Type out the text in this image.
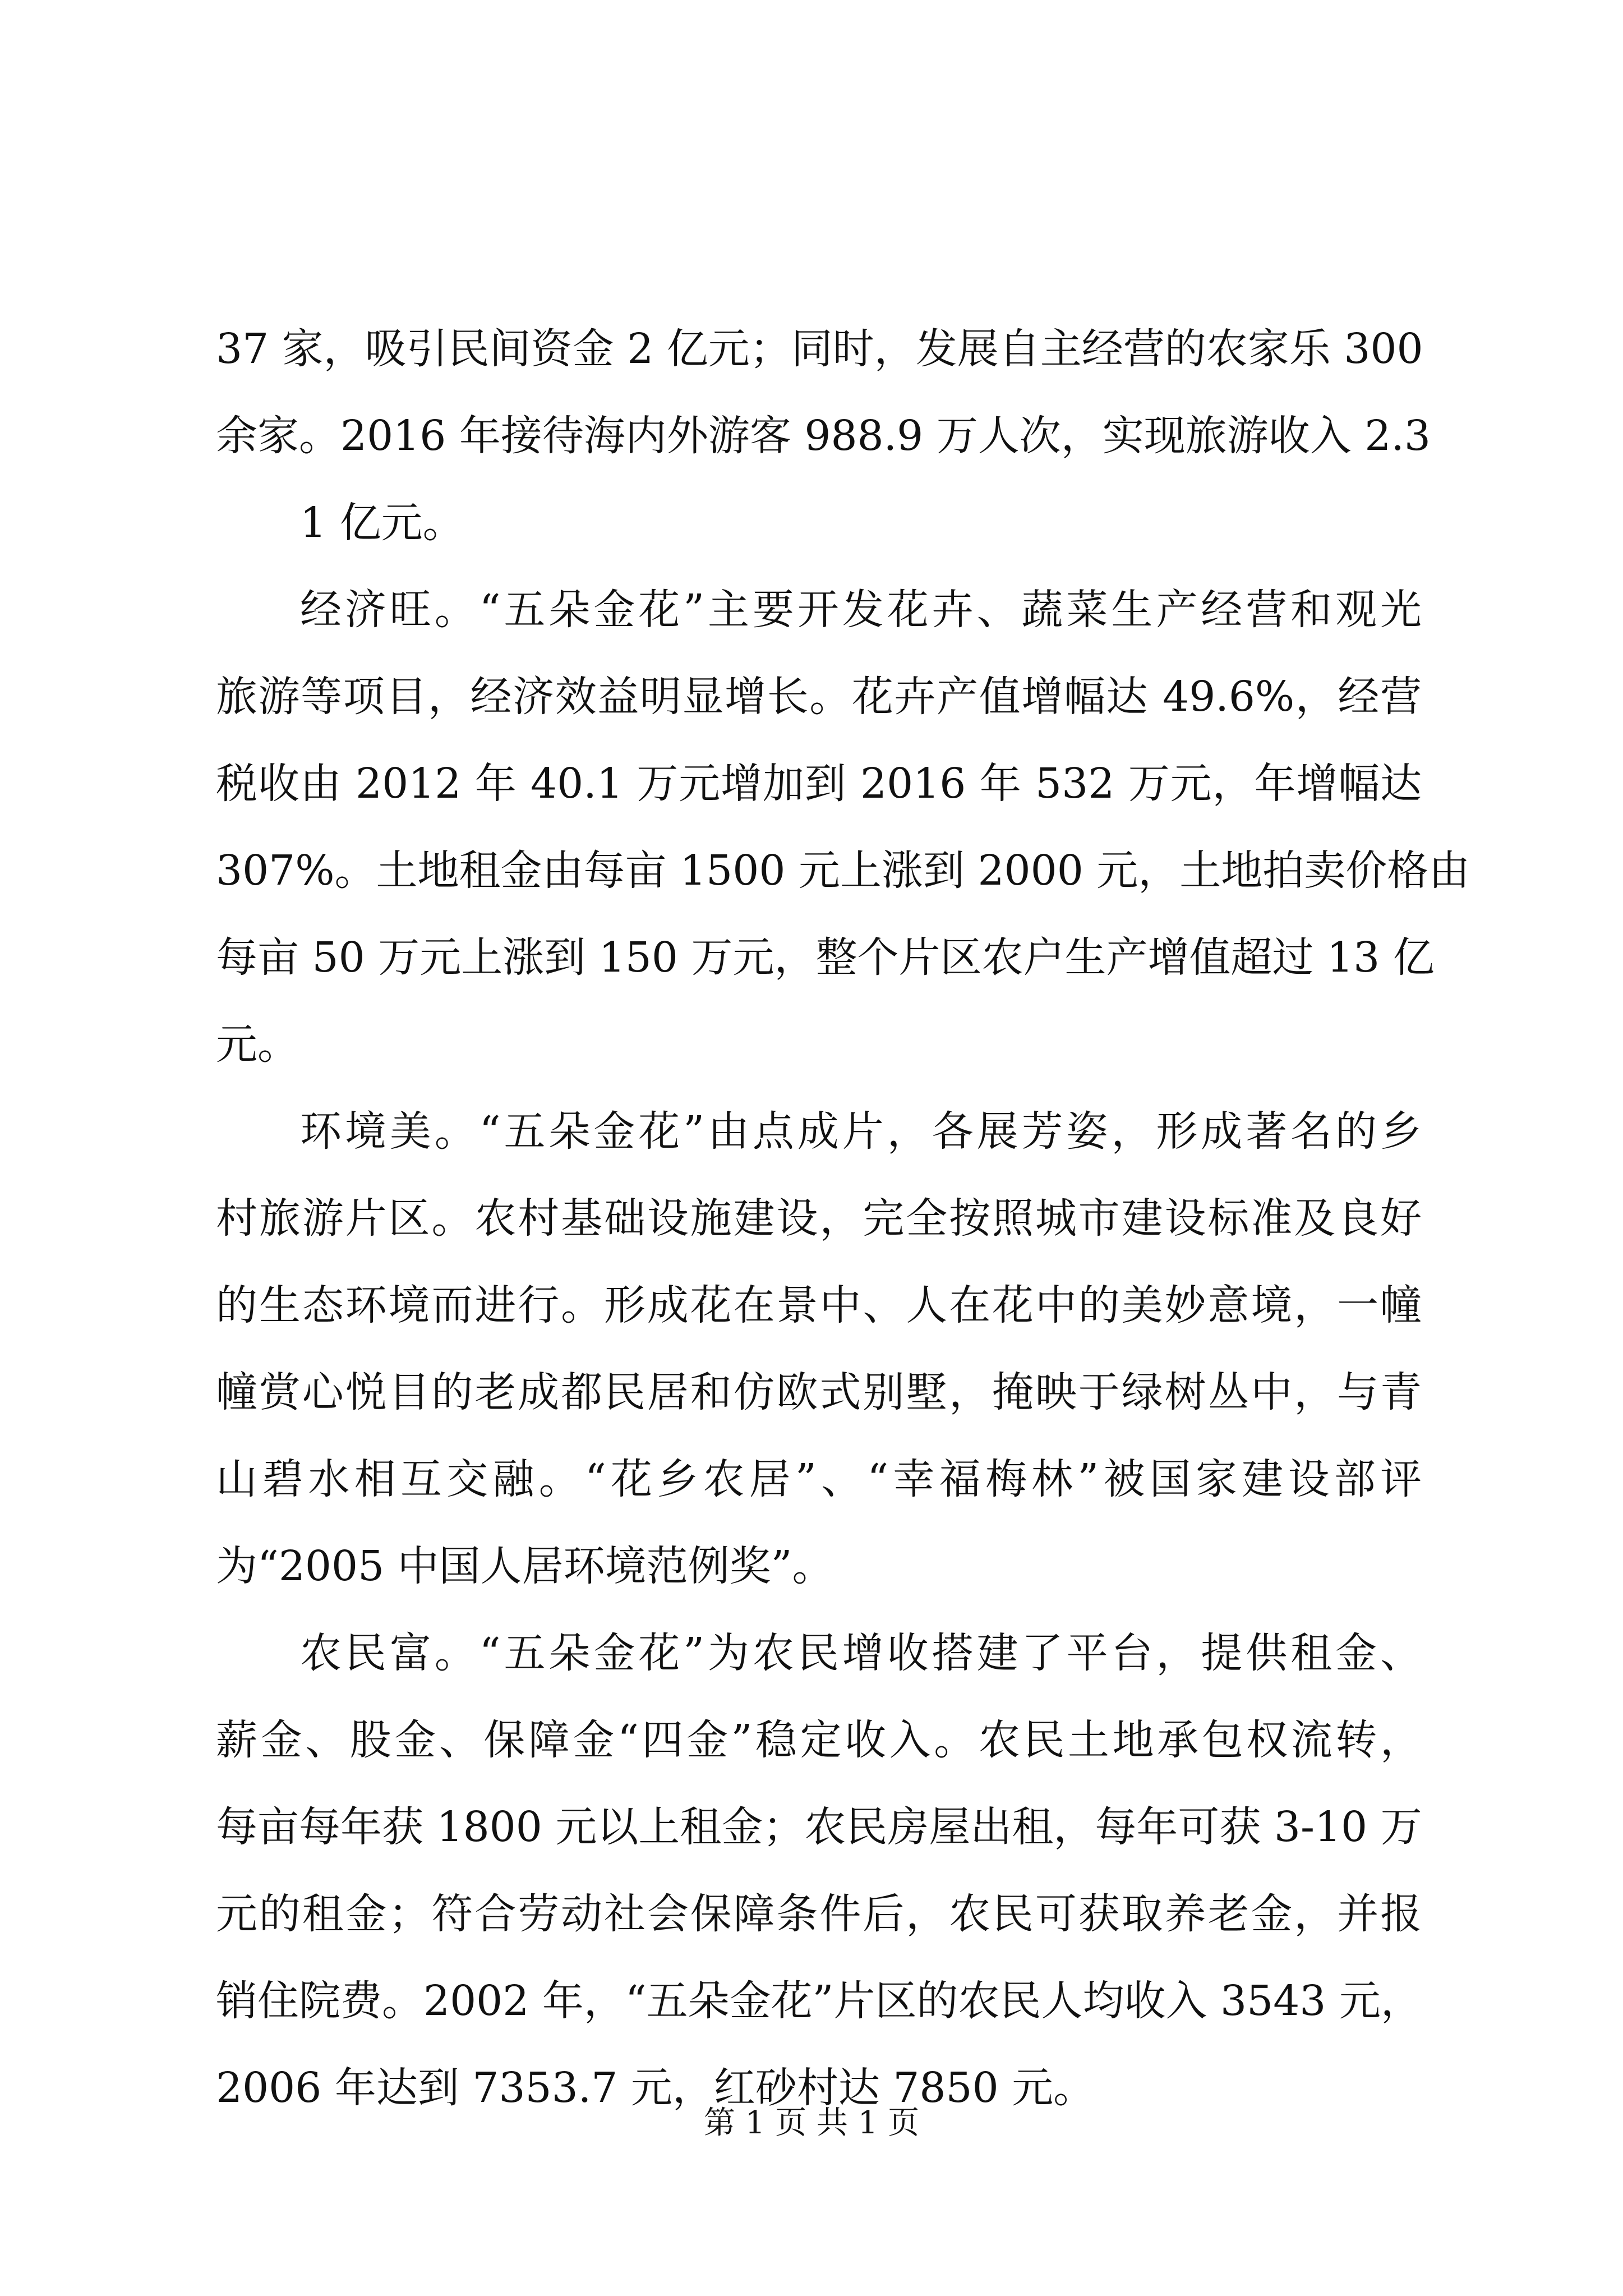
37 家，吸引民间资金 2 亿元；同时，发展自主经营的农家乐 300
余家。2016 年接待海内外游客 988.9 万人次，实现旅游收入 2.3
1 亿元。
经济旺。“五朵金花”主要开发花卉、蔬菜生产经营和观光
旅游等项目，经济效益明显增长。花卉产值增幅达 49.6%，经营
税收由 2012 年 40.1 万元增加到 2016 年 532 万元，年增幅达
307%。土地租金由每亩 1500 元上涨到 2000 元，土地拍卖价格由
每亩 50 万元上涨到 150 万元，整个片区农户生产增值超过 13 亿
元。
环境美。“五朵金花”由点成片，各展芳姿，形成著名的乡
村旅游片区。农村基础设施建设，完全按照城市建设标准及良好
的生态环境而进行。形成花在景中、人在花中的美妙意境，一幢
幢赏心悦目的老成都民居和仿欧式别墅，掩映于绿树丛中，与青
山碧水相互交融。“花乡农居”、“幸福梅林”被国家建设部评
为“2005 中国人居环境范例奖”。
农民富。“五朵金花”为农民增收搭建了平台，提供租金、
薪金、股金、保障金“四金”稳定收入。农民土地承包权流转，
每亩每年获 1800 元以上租金；农民房屋出租，每年可获 3-10 万
元的租金；符合劳动社会保障条件后，农民可获取养老金，并报
销住院费。2002 年，“五朵金花”片区的农民人均收入 3543 元，
2006 年达到 7353.7 元，红砂村达 7850 元。
第 1 页 共 1 页
